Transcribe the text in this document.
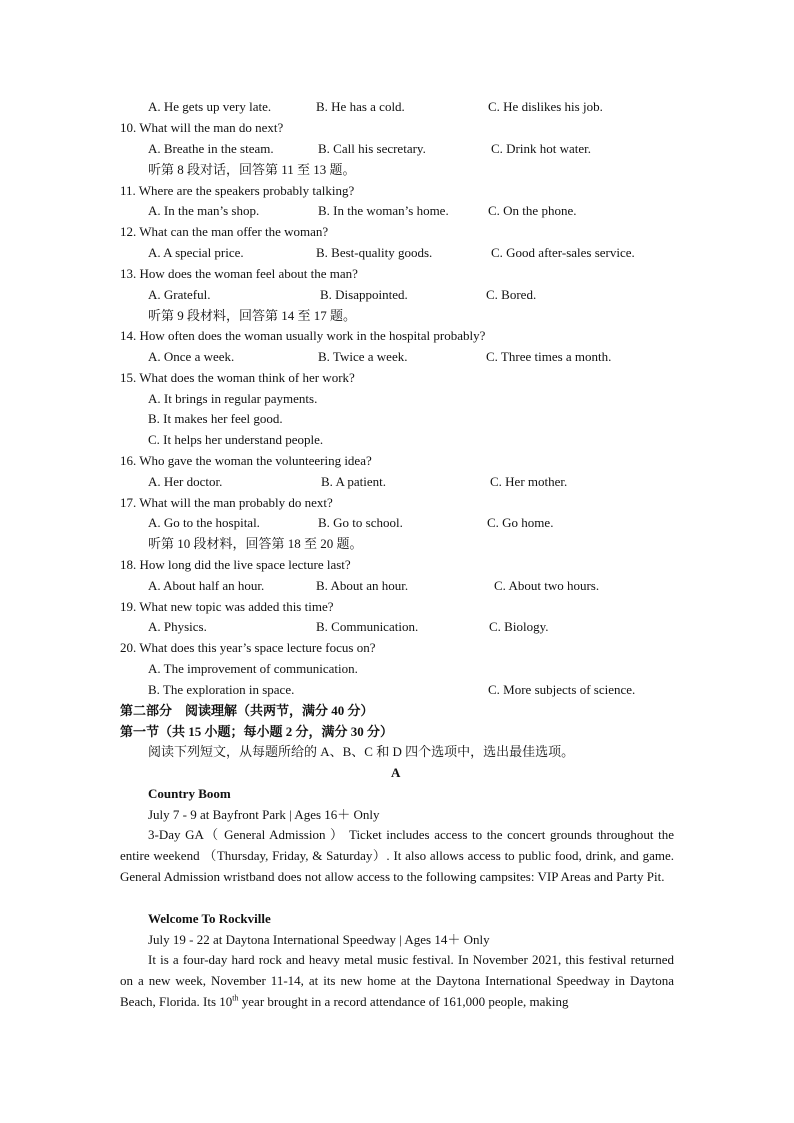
A. He gets up very late.	B. He has a cold.	C. He dislikes his job.
10. What will the man do next?
A. Breathe in the steam.	B. Call his secretary.	C. Drink hot water.
听第 8 段对话，回答第 11 至 13 题。
11. Where are the speakers probably talking?
A. In the man’s shop.	B. In the woman’s home.	C. On the phone.
12. What can the man offer the woman?
A. A special price.	B. Best-quality goods.	C. Good after-sales service.
13. How does the woman feel about the man?
A. Grateful.	B. Disappointed.	C. Bored.
听第 9 段材料，回答第 14 至 17 题。
14. How often does the woman usually work in the hospital probably?
A. Once a week.	B. Twice a week.	C. Three times a month.
15. What does the woman think of her work?
A. It brings in regular payments.
B. It makes her feel good.
C. It helps her understand people.
16. Who gave the woman the volunteering idea?
A. Her doctor.	B. A patient.	C. Her mother.
17. What will the man probably do next?
A. Go to the hospital.	B. Go to school.	C. Go home.
听第 10 段材料，回答第 18 至 20 题。
18. How long did the live space lecture last?
A. About half an hour.	B. About an hour.	C. About two hours.
19. What new topic was added this time?
A. Physics.	B. Communication.	C. Biology.
20. What does this year’s space lecture focus on?
A. The improvement of communication.
B. The exploration in space.	C. More subjects of science.
第二部分　阅读理解（共两节，满分 40 分）
第一节（共 15 小题；每小题 2 分，满分 30 分）
阅读下列短文，从每题所给的 A、B、C 和 D 四个选项中，选出最佳选项。
A
Country Boom
July 7 - 9 at Bayfront Park | Ages 16＋ Only
3-Day GA（ General Admission ） Ticket includes access to the concert grounds throughout the entire weekend （Thursday, Friday, & Saturday）. It also allows access to public food, drink, and game. General Admission wristband does not allow access to the following campsites: VIP Areas and Party Pit.
Welcome To Rockville
July 19 - 22 at Daytona International Speedway | Ages 14＋ Only
It is a four-day hard rock and heavy metal music festival. In November 2021, this festival returned on a new week, November 11-14, at its new home at the Daytona International Speedway in Daytona Beach, Florida. Its 10th year brought in a record attendance of 161,000 people, making
